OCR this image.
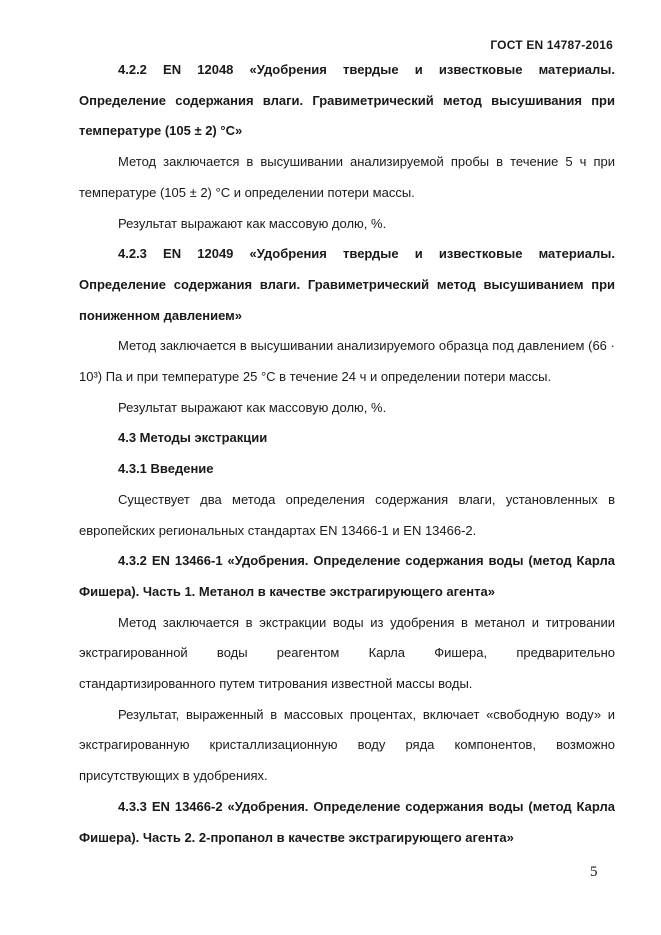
ГОСТ EN 14787-2016

4.2.2 EN 12048 «Удобрения твердые и известковые материалы. Определение содержания влаги. Гравиметрический метод высушивания при температуре (105 ± 2) °С»

Метод заключается в высушивании анализируемой пробы в течение 5 ч при температуре (105 ± 2) °С и определении потери массы.

Результат выражают как массовую долю, %.

4.2.3 EN 12049 «Удобрения твердые и известковые материалы. Определение содержания влаги. Гравиметрический метод высушиванием при пониженном давлением»

Метод заключается в высушивании анализируемого образца под давлением (66 · 10³) Па и при температуре 25 °С в течение 24 ч и определении потери массы.

Результат выражают как массовую долю, %.

4.3 Методы экстракции

4.3.1 Введение

Существует два метода определения содержания влаги, установленных в европейских региональных стандартах EN 13466-1 и EN 13466-2.

4.3.2 EN 13466-1 «Удобрения. Определение содержания воды (метод Карла Фишера). Часть 1. Метанол в качестве экстрагирующего агента»

Метод заключается в экстракции воды из удобрения в метанол и титровании экстрагированной воды реагентом Карла Фишера, предварительно стандартизированного путем титрования известной массы воды.

Результат, выраженный в массовых процентах, включает «свободную воду» и экстрагированную кристаллизационную воду ряда компонентов, возможно присутствующих в удобрениях.

4.3.3 EN 13466-2 «Удобрения. Определение содержания воды (метод Карла Фишера). Часть 2. 2-пропанол в качестве экстрагирующего агента»

5
